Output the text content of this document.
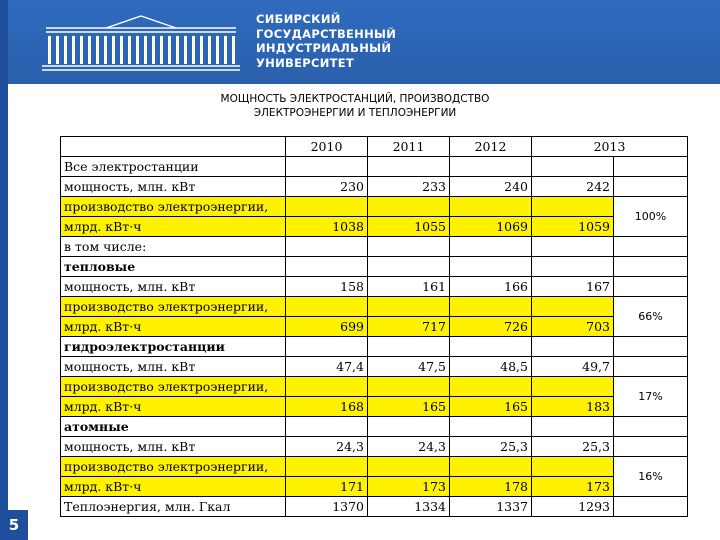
СИБИРСКИЙ
ГОСУДАРСТВЕННЫЙ
ИНДУСТРИАЛЬНЫЙ
УНИВЕРСИТЕТ
МОЩНОСТЬ ЭЛЕКТРОСТАНЦИЙ, ПРОИЗВОДСТВО
ЭЛЕКТРОЭНЕРГИИ И ТЕПЛОЭНЕРГИИ
	2010	2011	2012	2013	
Все электростанции					
мощность, млн. кВт	230	233	240	242	
производство электроэнергии,					100%
млрд. кВт·ч	1038	1055	1069	1059	
в том числе:					
тепловые					
мощность, млн. кВт	158	161	166	167	
производство электроэнергии,					66%
млрд. кВт·ч	699	717	726	703	
гидроэлектростанции					
мощность, млн. кВт	47,4	47,5	48,5	49,7	
производство электроэнергии,					17%
млрд. кВт·ч	168	165	165	183	
атомные					
мощность, млн. кВт	24,3	24,3	25,3	25,3	
производство электроэнергии,					16%
млрд. кВт·ч	171	173	178	173	
Теплоэнергия, млн. Гкал	1370	1334	1337	1293	
5
